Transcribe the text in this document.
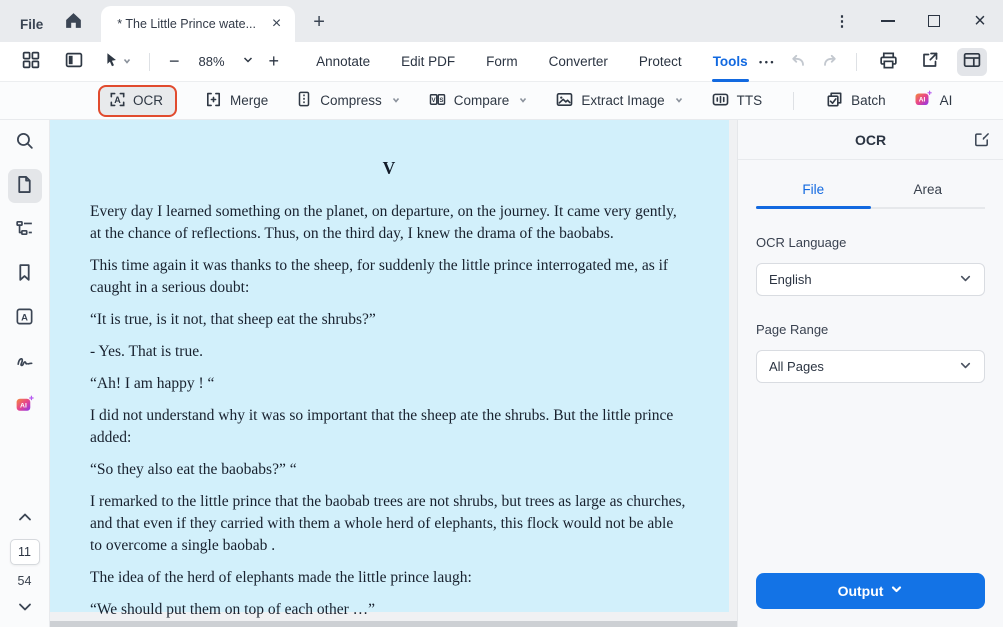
File	* The Little Prince wate... × +	⋮	×
− 88% +	Annotate Edit PDF Form Converter Protect Tools	•••
A OCR	Merge	Compress	V S Compare	Extract Image	TTS	Batch	AI AI
A
AI
11
54
V

Every day I learned something on the planet, on departure, on the journey. It came very gently, at the chance of reflections. Thus, on the third day, I knew the drama of the baobabs.

This time again it was thanks to the sheep, for suddenly the little prince interrogated me, as if caught in a serious doubt:

“It is true, is it not, that sheep eat the shrubs?”

- Yes. That is true.

“Ah! I am happy ! “

I did not understand why it was so important that the sheep ate the shrubs. But the little prince added:

“So they also eat the baobabs?” “

I remarked to the little prince that the baobab trees are not shrubs, but trees as large as churches, and that even if they carried with them a whole herd of elephants, this flock would not be able to overcome a single baobab .

The idea of the herd of elephants made the little prince laugh:

“We should put them on top of each other …”

OCR
File	Area
OCR Language
English
Page Range
All Pages
Output
